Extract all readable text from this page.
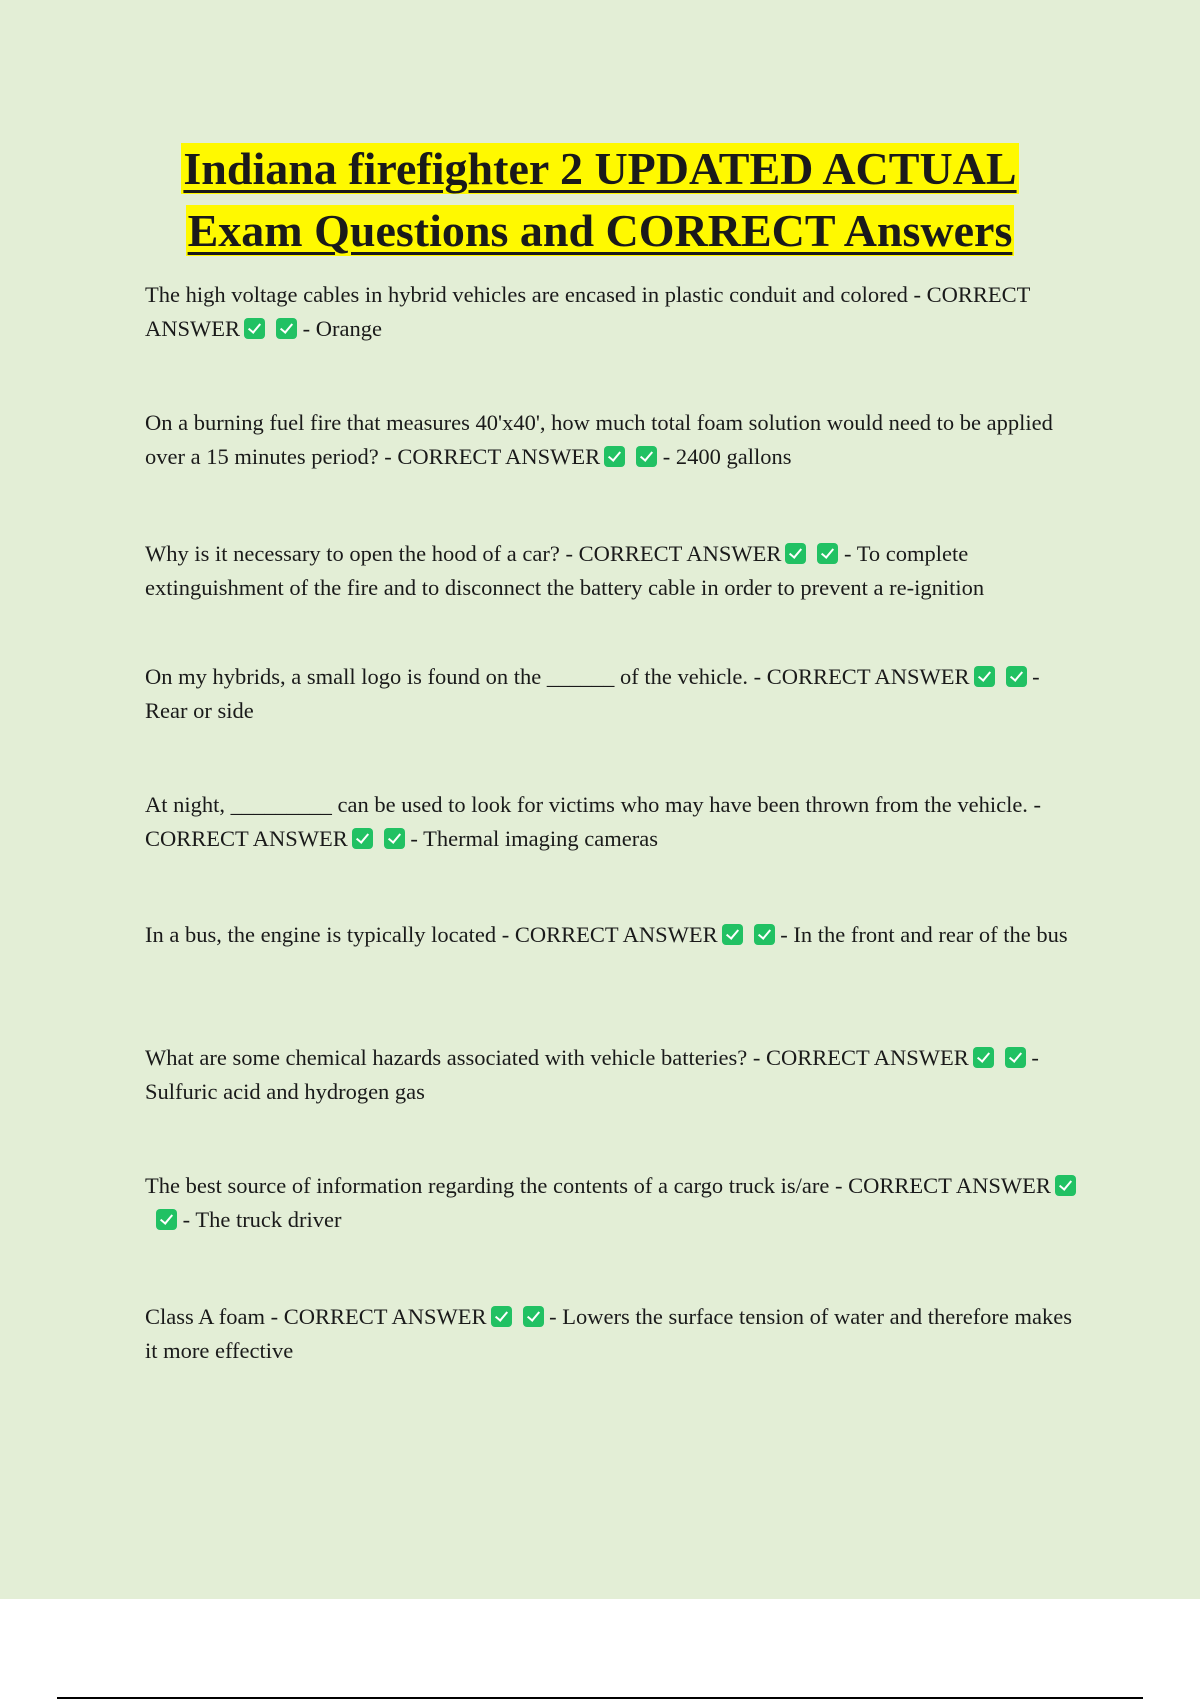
Indiana firefighter 2 UPDATED ACTUAL
Exam Questions and CORRECT Answers
The high voltage cables in hybrid vehicles are encased in plastic conduit and colored - CORRECT ANSWER	- Orange
On a burning fuel fire that measures 40'x40', how much total foam solution would need to be applied over a 15 minutes period? - CORRECT ANSWER	- 2400 gallons
Why is it necessary to open the hood of a car? - CORRECT ANSWER	- To complete extinguishment of the fire and to disconnect the battery cable in order to prevent a re-ignition
On my hybrids, a small logo is found on the ______ of the vehicle. - CORRECT ANSWER	- Rear or side
At night, _________ can be used to look for victims who may have been thrown from the vehicle. - CORRECT ANSWER	- Thermal imaging cameras
In a bus, the engine is typically located - CORRECT ANSWER	- In the front and rear of the bus
What are some chemical hazards associated with vehicle batteries? - CORRECT ANSWER	- Sulfuric acid and hydrogen gas
The best source of information regarding the contents of a cargo truck is/are - CORRECT ANSWER - The truck driver
Class A foam - CORRECT ANSWER	- Lowers the surface tension of water and therefore makes it more effective
